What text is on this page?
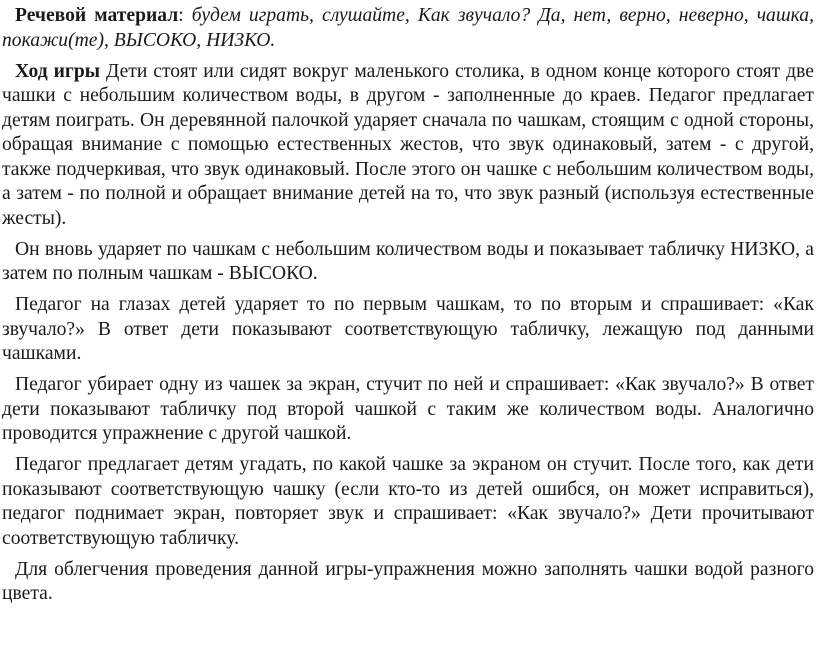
Речевой материал: будем играть, слушайте, Как звучало? Да, нет, верно, неверно, чашка, покажи(те), ВЫСОКО, НИЗКО.

Ход игры Дети стоят или сидят вокруг маленького столика, в одном конце которого стоят две чашки с небольшим количеством воды, в другом - заполненные до краев. Педагог предлагает детям поиграть. Он деревянной палочкой ударяет сначала по чашкам, стоящим с одной стороны, обращая внимание с помощью естественных жестов, что звук одинаковый, затем - с другой, также подчеркивая, что звук одинаковый. После этого он чашке с небольшим количеством воды, а затем - по полной и обращает внимание детей на то, что звук разный (используя естественные жесты).

Он вновь ударяет по чашкам с небольшим количеством воды и показывает табличку НИЗКО, а затем по полным чашкам - ВЫСОКО.

Педагог на глазах детей ударяет то по первым чашкам, то по вторым и спрашивает: «Как звучало?» В ответ дети показывают соответствующую табличку, лежащую под данными чашками.

Педагог убирает одну из чашек за экран, стучит по ней и спрашивает: «Как звучало?» В ответ дети показывают табличку под второй чашкой с таким же количеством воды. Аналогично проводится упражнение с другой чашкой.

Педагог предлагает детям угадать, по какой чашке за экраном он стучит. После того, как дети показывают соответствующую чашку (если кто-то из детей ошибся, он может исправиться), педагог поднимает экран, повторяет звук и спрашивает: «Как звучало?» Дети прочитывают соответствующую табличку.

Для облегчения проведения данной игры-упражнения можно заполнять чашки водой разного цвета.
